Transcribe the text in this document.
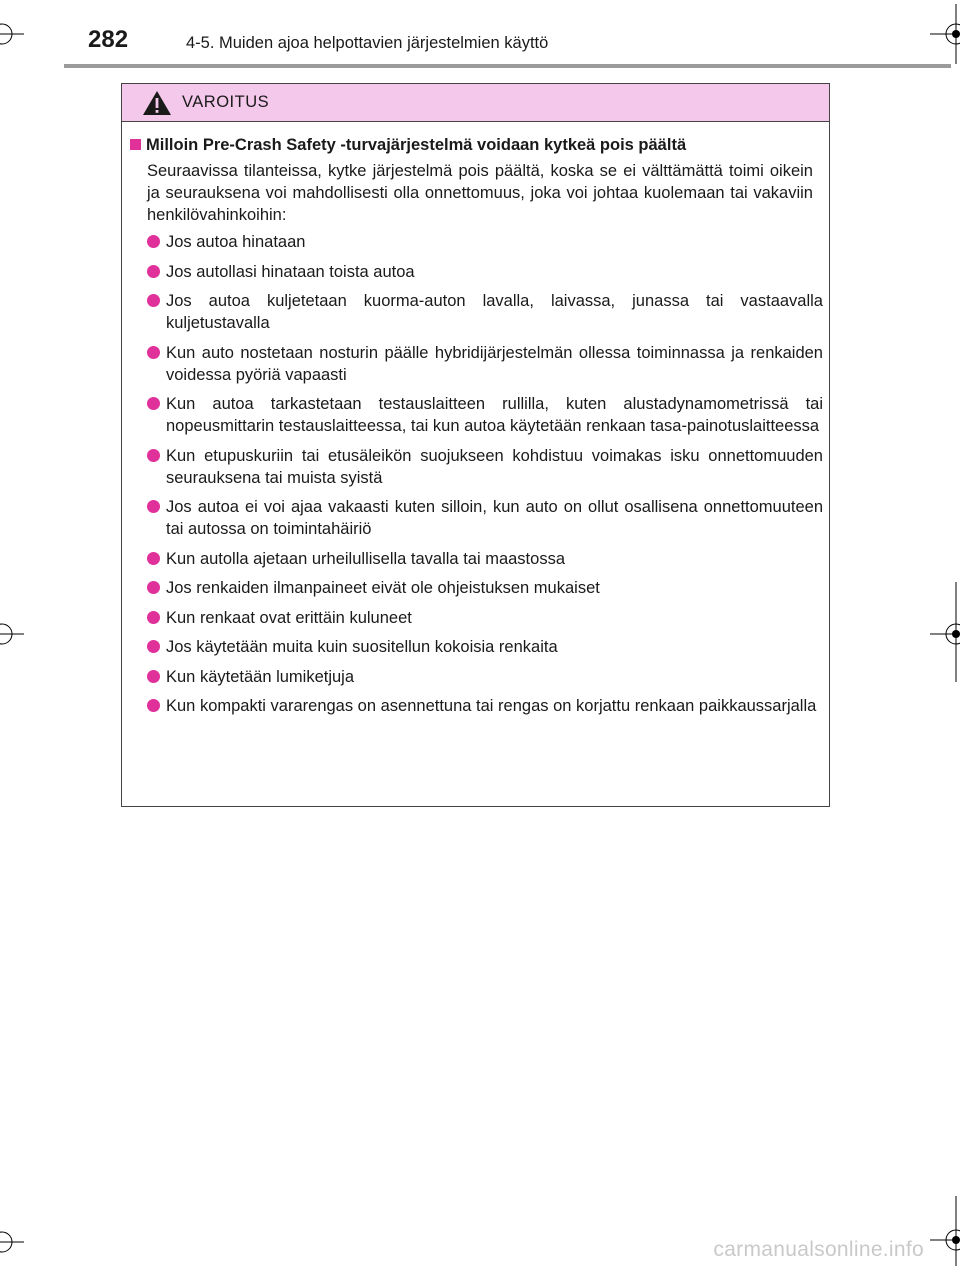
282	4-5. Muiden ajoa helpottavien järjestelmien käyttö
VAROITUS
Milloin Pre-Crash Safety -turvajärjestelmä voidaan kytkeä pois päältä
Seuraavissa tilanteissa, kytke järjestelmä pois päältä, koska se ei välttämättä toimi oikein ja seurauksena voi mahdollisesti olla onnettomuus, joka voi johtaa kuolemaan tai vakaviin henkilövahinkoihin:
Jos autoa hinataan
Jos autollasi hinataan toista autoa
Jos autoa kuljetetaan kuorma-auton lavalla, laivassa, junassa tai vastaavalla kuljetustavalla
Kun auto nostetaan nosturin päälle hybridijärjestelmän ollessa toiminnassa ja renkaiden voidessa pyöriä vapaasti
Kun autoa tarkastetaan testauslaitteen rullilla, kuten alustadynamometrissä tai nopeusmittarin testauslaitteessa, tai kun autoa käytetään renkaan tasa-painotuslaitteessa
Kun etupuskuriin tai etusäleikön suojukseen kohdistuu voimakas isku onnettomuuden seurauksena tai muista syistä
Jos autoa ei voi ajaa vakaasti kuten silloin, kun auto on ollut osallisena onnettomuuteen tai autossa on toimintahäiriö
Kun autolla ajetaan urheilullisella tavalla tai maastossa
Jos renkaiden ilmanpaineet eivät ole ohjeistuksen mukaiset
Kun renkaat ovat erittäin kuluneet
Jos käytetään muita kuin suositellun kokoisia renkaita
Kun käytetään lumiketjuja
Kun kompakti vararengas on asennettuna tai rengas on korjattu renkaan paikkaussarjalla
carmanualsonline.info
